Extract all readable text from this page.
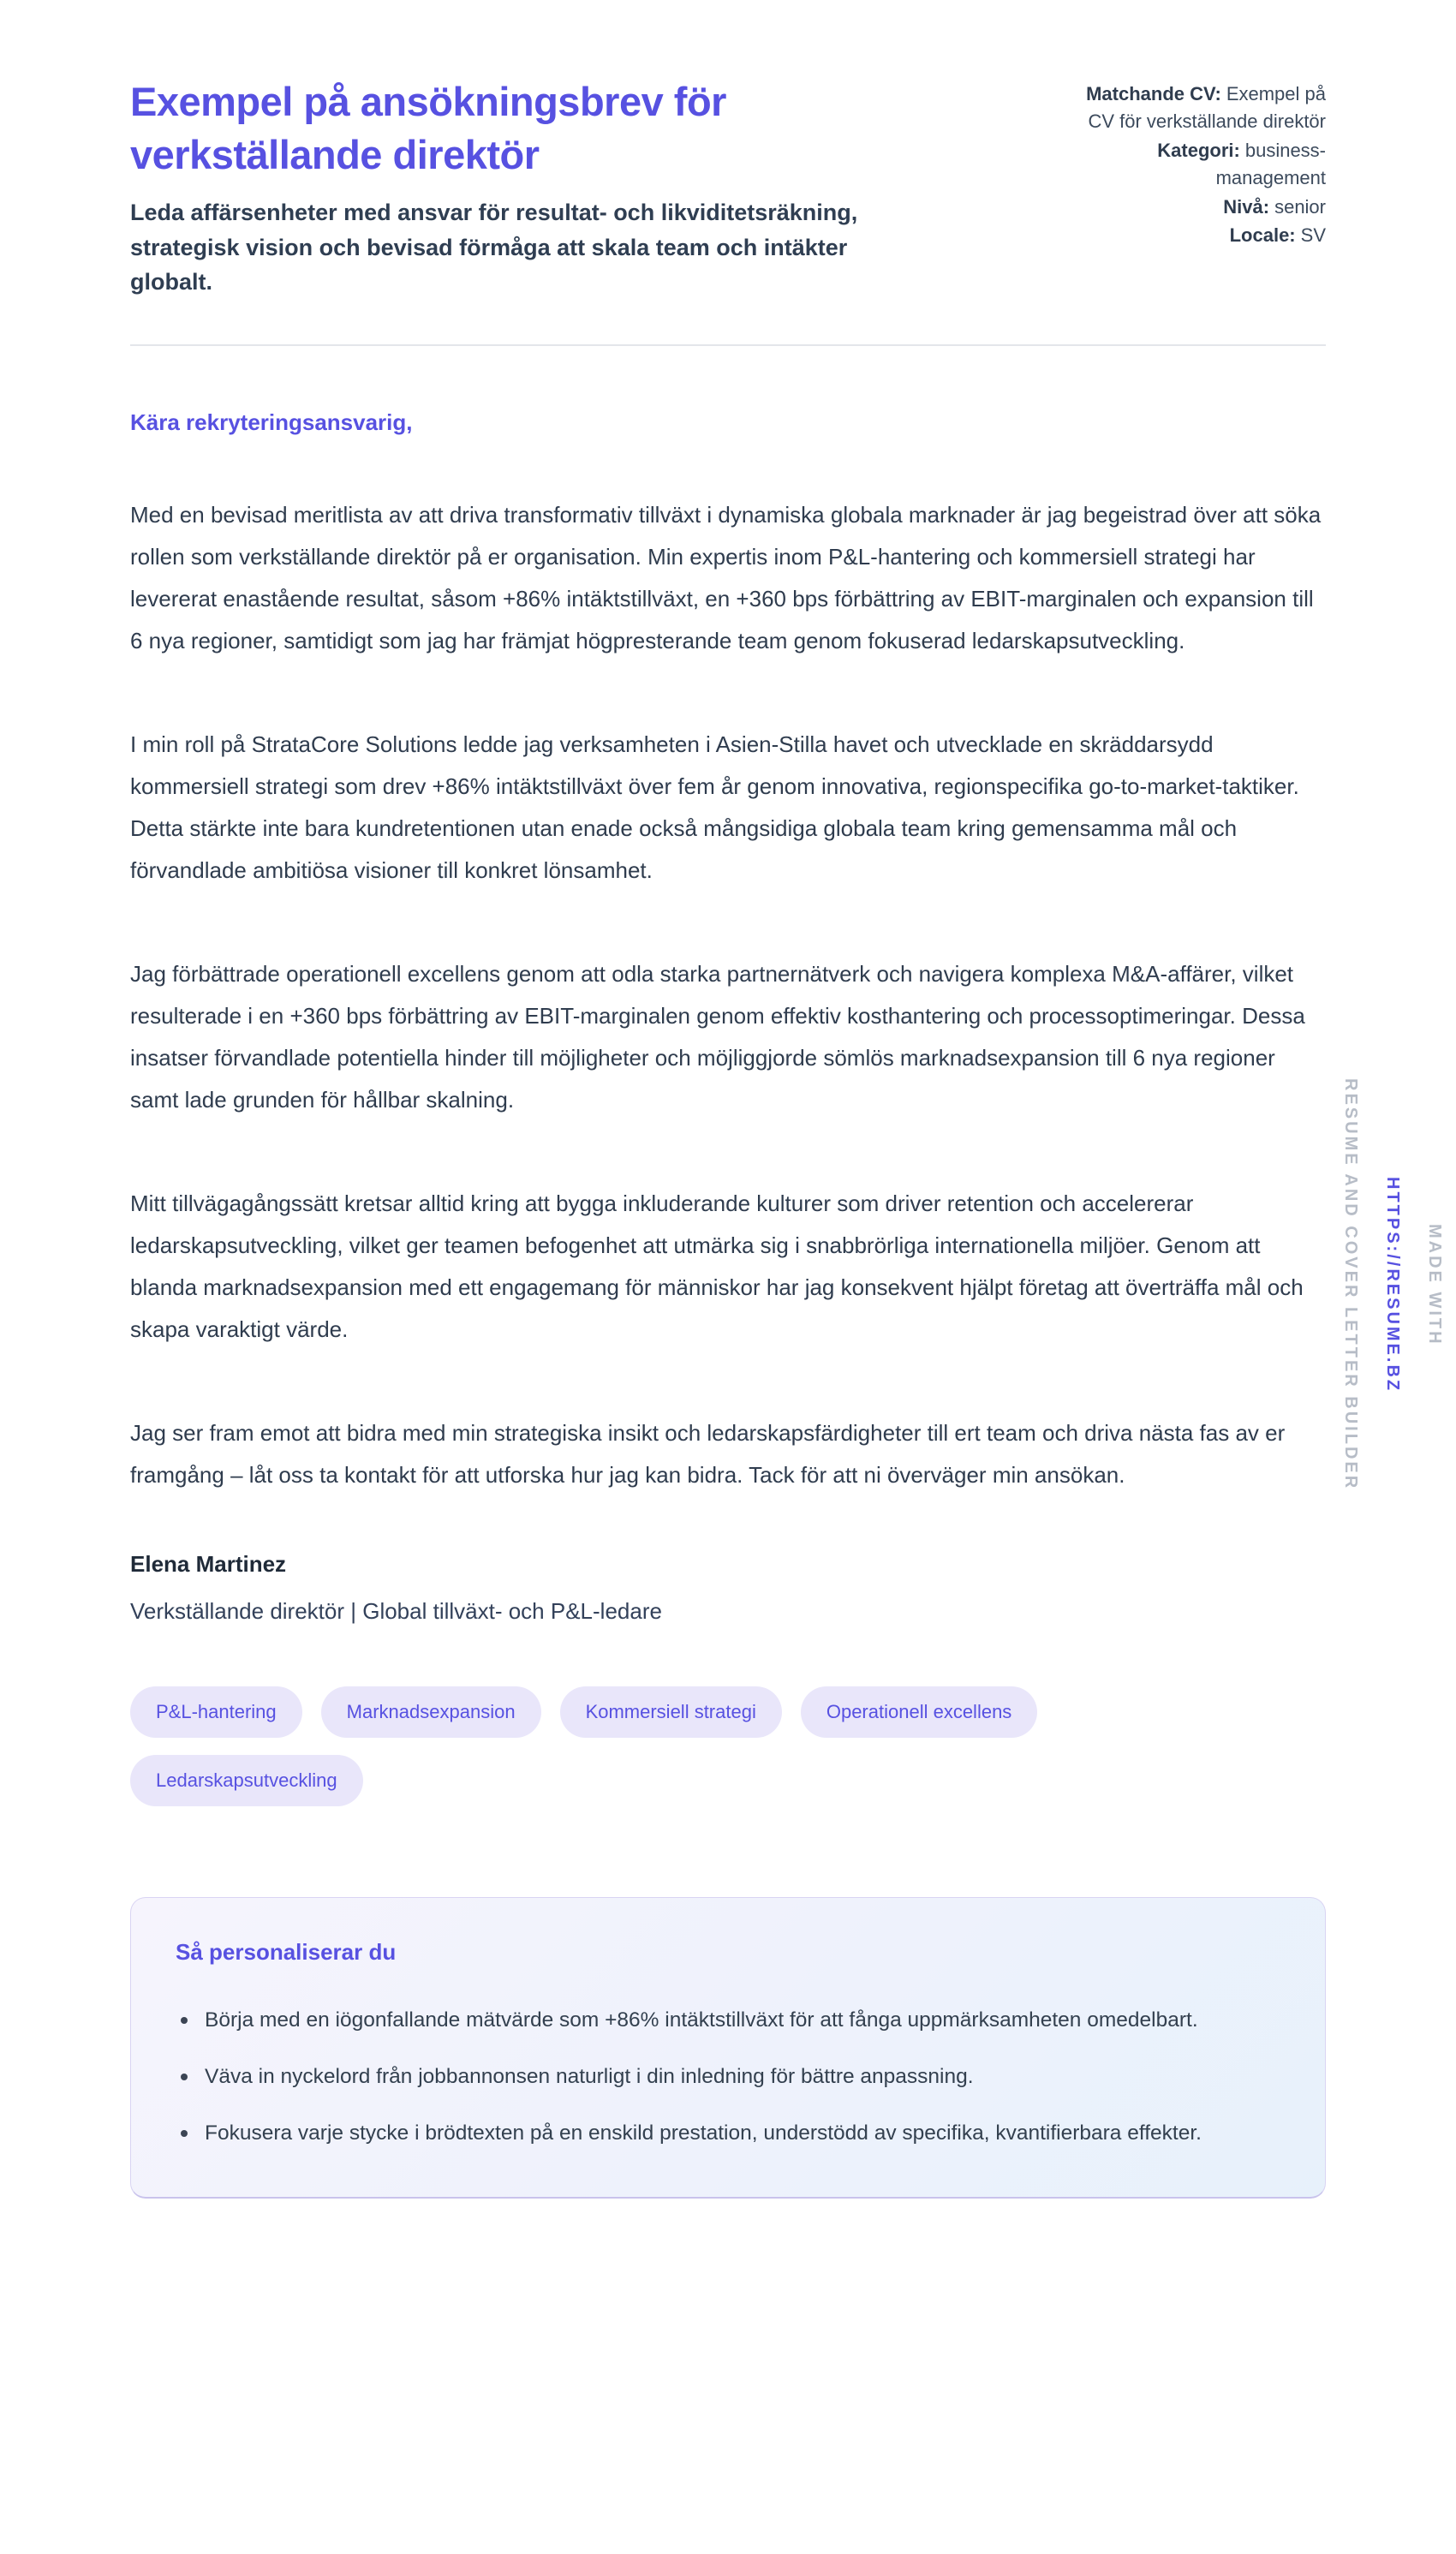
MADE WITH
HTTPS://RESUME.BZ
RESUME AND COVER LETTER BUILDER
Exempel på ansökningsbrev för verkställande direktör

Leda affärsenheter med ansvar för resultat- och likviditetsräkning, strategisk vision och bevisad förmåga att skala team och intäkter globalt.

Matchande CV: Exempel på CV för verkställande direktör
Kategori: business-management
Nivå: senior
Locale: SV

Kära rekryteringsansvarig,

Med en bevisad meritlista av att driva transformativ tillväxt i dynamiska globala marknader är jag begeistrad över att söka rollen som verkställande direktör på er organisation. Min expertis inom P&L-hantering och kommersiell strategi har levererat enastående resultat, såsom +86% intäktstillväxt, en +360 bps förbättring av EBIT-marginalen och expansion till 6 nya regioner, samtidigt som jag har främjat högpresterande team genom fokuserad ledarskapsutveckling.

I min roll på StrataCore Solutions ledde jag verksamheten i Asien-Stilla havet och utvecklade en skräddarsydd kommersiell strategi som drev +86% intäktstillväxt över fem år genom innovativa, regionspecifika go-to-market-taktiker. Detta stärkte inte bara kundretentionen utan enade också mångsidiga globala team kring gemensamma mål och förvandlade ambitiösa visioner till konkret lönsamhet.

Jag förbättrade operationell excellens genom att odla starka partnernätverk och navigera komplexa M&A-affärer, vilket resulterade i en +360 bps förbättring av EBIT-marginalen genom effektiv kosthantering och processoptimeringar. Dessa insatser förvandlade potentiella hinder till möjligheter och möjliggjorde sömlös marknadsexpansion till 6 nya regioner samt lade grunden för hållbar skalning.

Mitt tillvägagångssätt kretsar alltid kring att bygga inkluderande kulturer som driver retention och accelererar ledarskapsutveckling, vilket ger teamen befogenhet att utmärka sig i snabbrörliga internationella miljöer. Genom att blanda marknadsexpansion med ett engagemang för människor har jag konsekvent hjälpt företag att överträffa mål och skapa varaktigt värde.

Jag ser fram emot att bidra med min strategiska insikt och ledarskapsfärdigheter till ert team och driva nästa fas av er framgång – låt oss ta kontakt för att utforska hur jag kan bidra. Tack för att ni överväger min ansökan.

Elena Martinez

Verkställande direktör | Global tillväxt- och P&L-ledare

P&L-hantering	Marknadsexpansion	Kommersiell strategi	Operationell excellens
Ledarskapsutveckling
Så personaliserar du
Börja med en iögonfallande mätvärde som +86% intäktstillväxt för att fånga uppmärksamheten omedelbart.
Väva in nyckelord från jobbannonsen naturligt i din inledning för bättre anpassning.
Fokusera varje stycke i brödtexten på en enskild prestation, understödd av specifika, kvantifierbara effekter.
